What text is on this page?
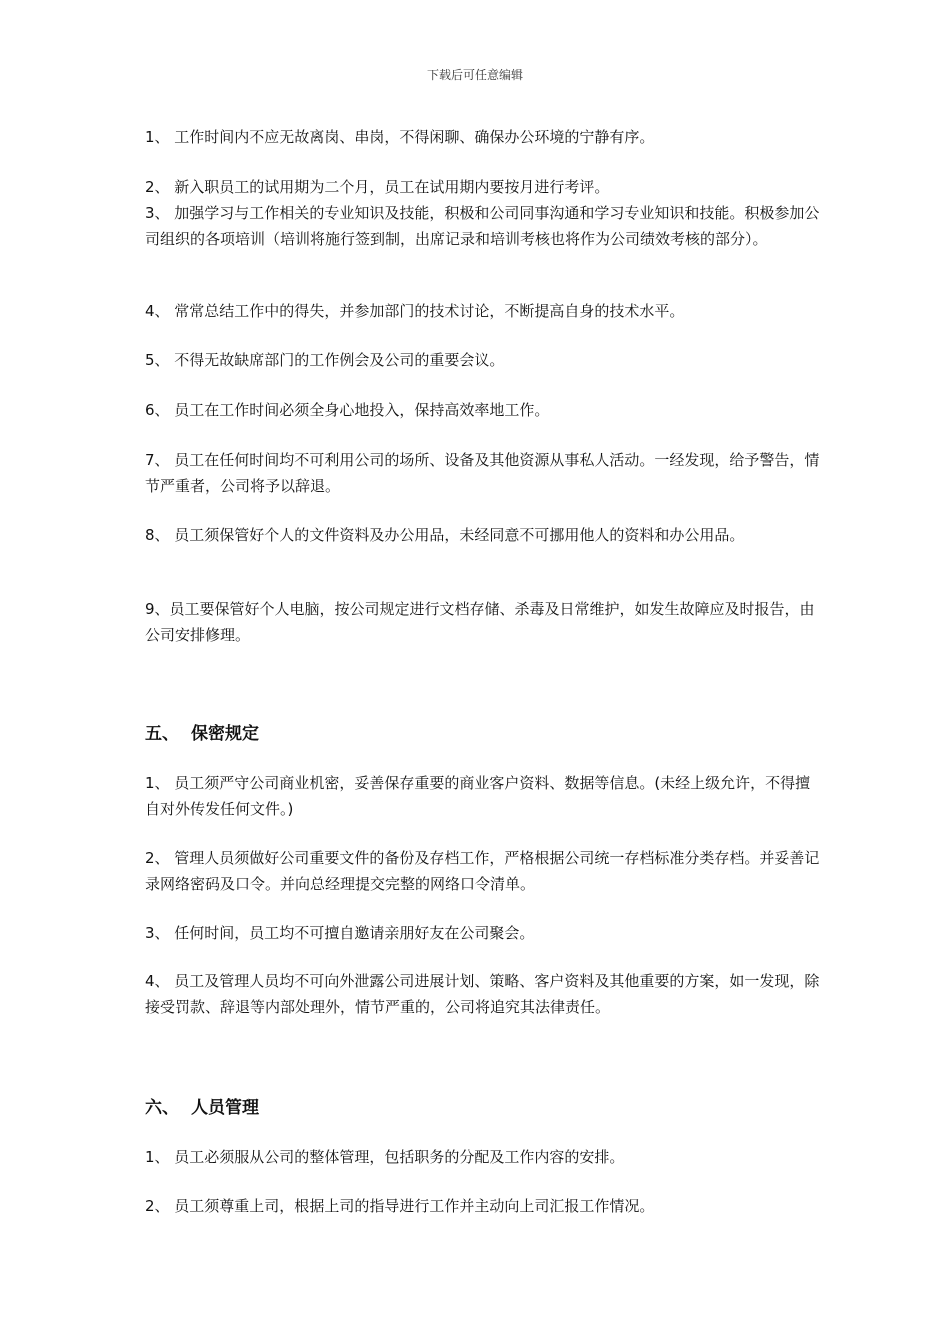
下载后可任意编辑

1、 工作时间内不应无故离岗、串岗，不得闲聊、确保办公环境的宁静有序。

2、 新入职员工的试用期为二个月，员工在试用期内要按月进行考评。

3、 加强学习与工作相关的专业知识及技能，积极和公司同事沟通和学习专业知识和技能。积极参加公司组织的各项培训（培训将施行签到制，出席记录和培训考核也将作为公司绩效考核的部分）。

4、 常常总结工作中的得失，并参加部门的技术讨论，不断提高自身的技术水平。

5、 不得无故缺席部门的工作例会及公司的重要会议。

6、 员工在工作时间必须全身心地投入，保持高效率地工作。

7、 员工在任何时间均不可利用公司的场所、设备及其他资源从事私人活动。一经发现，给予警告，情节严重者，公司将予以辞退。

8、 员工须保管好个人的文件资料及办公用品，未经同意不可挪用他人的资料和办公用品。

9、员工要保管好个人电脑，按公司规定进行文档存储、杀毒及日常维护，如发生故障应及时报告，由公司安排修理。

五、 保密规定

1、 员工须严守公司商业机密，妥善保存重要的商业客户资料、数据等信息。(未经上级允许，不得擅自对外传发任何文件。)

2、 管理人员须做好公司重要文件的备份及存档工作，严格根据公司统一存档标准分类存档。并妥善记录网络密码及口令。并向总经理提交完整的网络口令清单。

3、 任何时间，员工均不可擅自邀请亲朋好友在公司聚会。

4、 员工及管理人员均不可向外泄露公司进展计划、策略、客户资料及其他重要的方案，如一发现，除接受罚款、辞退等内部处理外，情节严重的，公司将追究其法律责任。

六、 人员管理

1、 员工必须服从公司的整体管理，包括职务的分配及工作内容的安排。

2、 员工须尊重上司，根据上司的指导进行工作并主动向上司汇报工作情况。
